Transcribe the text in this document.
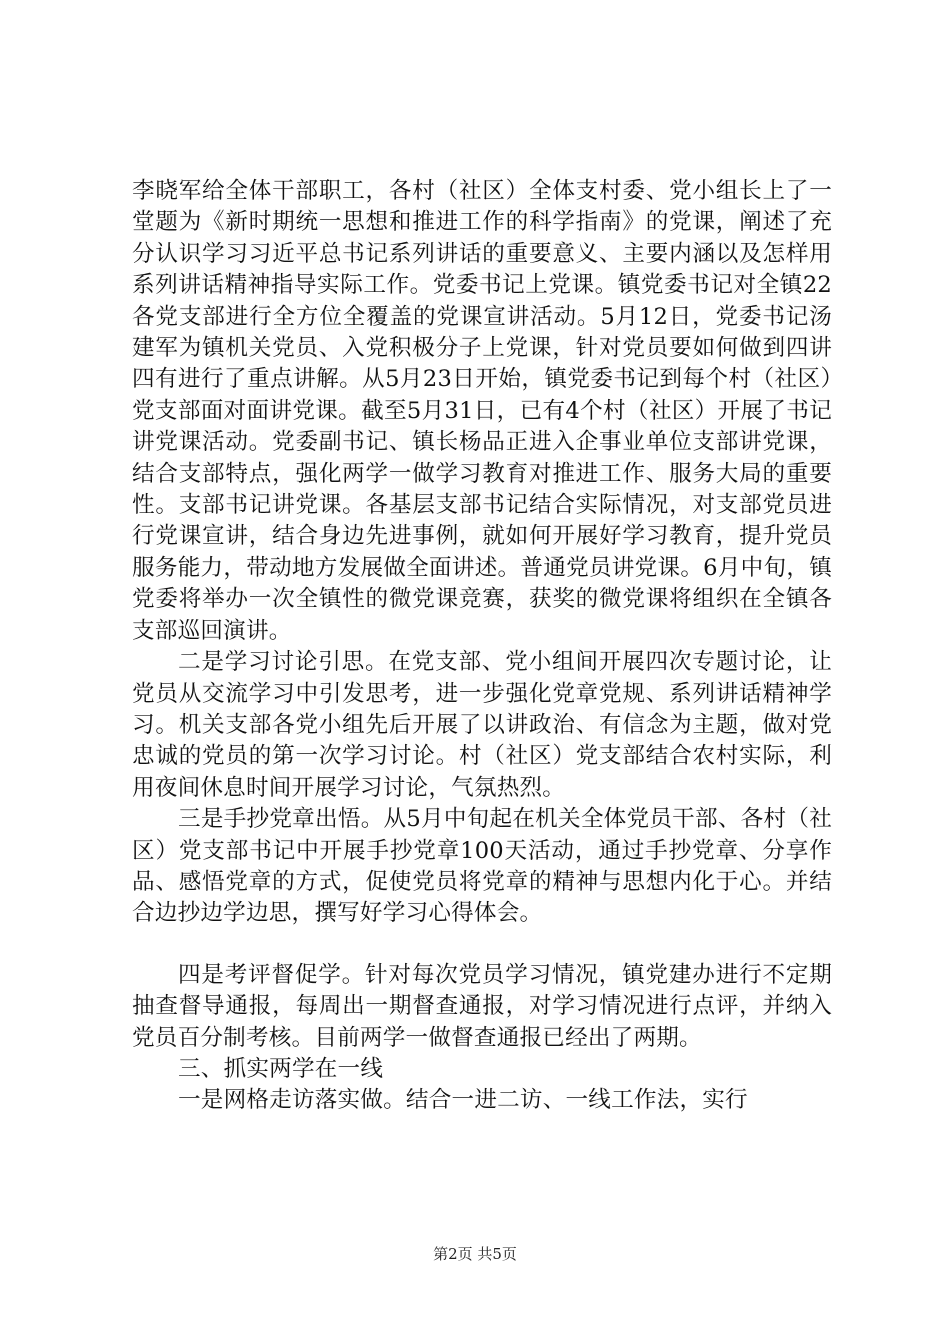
李晓军给全体干部职工，各村（社区）全体支村委、党小组长上了一堂题为《新时期统一思想和推进工作的科学指南》的党课，阐述了充分认识学习习近平总书记系列讲话的重要意义、主要内涵以及怎样用系列讲话精神指导实际工作。党委书记上党课。镇党委书记对全镇22各党支部进行全方位全覆盖的党课宣讲活动。5月12日，党委书记汤建军为镇机关党员、入党积极分子上党课，针对党员要如何做到四讲四有进行了重点讲解。从5月23日开始，镇党委书记到每个村（社区）党支部面对面讲党课。截至5月31日，已有4个村（社区）开展了书记讲党课活动。党委副书记、镇长杨品正进入企事业单位支部讲党课，结合支部特点，强化两学一做学习教育对推进工作、服务大局的重要性。支部书记讲党课。各基层支部书记结合实际情况，对支部党员进行党课宣讲，结合身边先进事例，就如何开展好学习教育，提升党员服务能力，带动地方发展做全面讲述。普通党员讲党课。6月中旬，镇党委将举办一次全镇性的微党课竞赛，获奖的微党课将组织在全镇各支部巡回演讲。

二是学习讨论引思。在党支部、党小组间开展四次专题讨论，让党员从交流学习中引发思考，进一步强化党章党规、系列讲话精神学习。机关支部各党小组先后开展了以讲政治、有信念为主题，做对党忠诚的党员的第一次学习讨论。村（社区）党支部结合农村实际，利用夜间休息时间开展学习讨论，气氛热烈。

三是手抄党章出悟。从5月中旬起在机关全体党员干部、各村（社区）党支部书记中开展手抄党章100天活动，通过手抄党章、分享作品、感悟党章的方式，促使党员将党章的精神与思想内化于心。并结合边抄边学边思，撰写好学习心得体会。

四是考评督促学。针对每次党员学习情况，镇党建办进行不定期抽查督导通报，每周出一期督查通报，对学习情况进行点评，并纳入党员百分制考核。目前两学一做督查通报已经出了两期。

三、抓实两学在一线

一是网格走访落实做。结合一进二访、一线工作法，实行

第2页 共5页
